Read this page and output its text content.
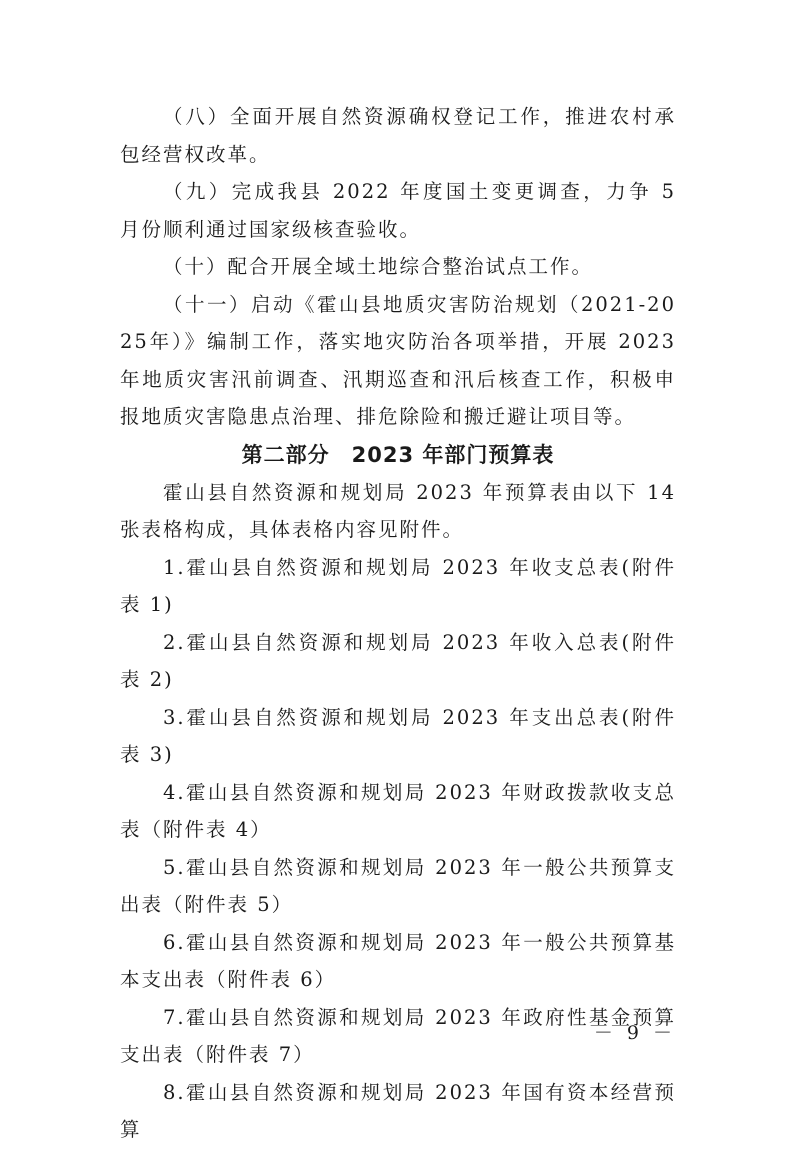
（八）全面开展自然资源确权登记工作，推进农村承包经营权改革。

（九）完成我县 2022 年度国土变更调查，力争 5 月份顺利通过国家级核查验收。

（十）配合开展全域土地综合整治试点工作。

（十一）启动《霍山县地质灾害防治规划（2021-2025年）》编制工作，落实地灾防治各项举措，开展 2023 年地质灾害汛前调查、汛期巡查和汛后核查工作，积极申报地质灾害隐患点治理、排危除险和搬迁避让项目等。

第二部分　2023 年部门预算表

霍山县自然资源和规划局 2023 年预算表由以下 14 张表格构成，具体表格内容见附件。

1.霍山县自然资源和规划局 2023 年收支总表(附件表 1)

2.霍山县自然资源和规划局 2023 年收入总表(附件表 2)

3.霍山县自然资源和规划局 2023 年支出总表(附件表 3)

4.霍山县自然资源和规划局 2023 年财政拨款收支总表（附件表 4）

5.霍山县自然资源和规划局 2023 年一般公共预算支出表（附件表 5）

6.霍山县自然资源和规划局 2023 年一般公共预算基本支出表（附件表 6）

7.霍山县自然资源和规划局 2023 年政府性基金预算支出表（附件表 7）

8.霍山县自然资源和规划局 2023 年国有资本经营预算

－ 9 －
